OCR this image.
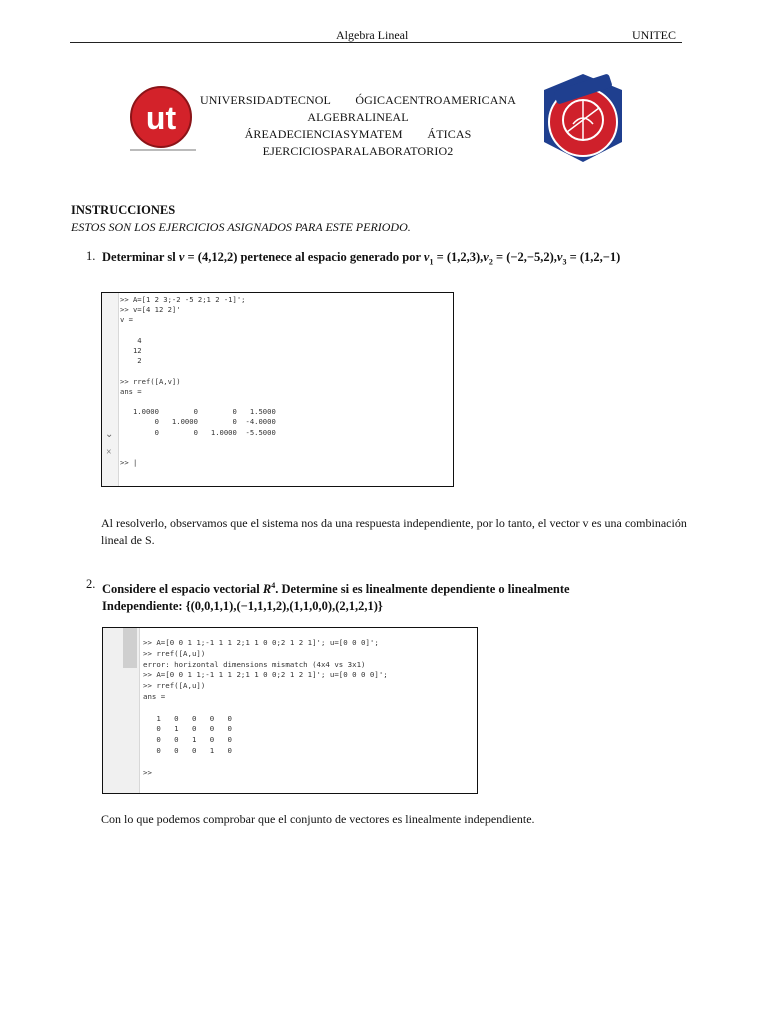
Algebra Lineal	UNITEC
ut UNIVERSIDADTECNOL        ÓGICACENTROAMERICANA
ALGEBRALINEAL
ÁREADECIENCIASYMATEM        ÁTICAS
EJERCICIOSPARALABORATORIO2
INSTRUCCIONES
ESTOS SON LOS EJERCICIOS ASIGNADOS PARA ESTE PERIODO.
1. Determinar sl v = (4,12,2) pertenece al espacio generado por $v_1 = (1,2,3),v_2 = (-2,-5,2),v_3 = (1,2,-1)$
⌄
×
>> A=[1 2 3;-2 -5 2;1 2 -1]';
>> v=[4 12 2]'
v =

4
12
2

>> rref([A,v])
ans =

1.0000        0        0   1.5000
0   1.0000        0  -4.0000
0        0   1.0000  -5.5000

>> |
Al resolverlo, observamos que el sistema nos da una respuesta independiente, por lo tanto, el vector v es una combinación lineal de S.
2. Considere el espacio vectorial $R^4$. Determine si es linealmente dependiente o linealmente
Independiente: {(0,0,1,1),(−1,1,1,2),(1,1,0,0),(2,1,2,1)}
>> A=[0 0 1 1;-1 1 1 2;1 1 0 0;2 1 2 1]'; u=[0 0 0]';
>> rref([A,u])
error: horizontal dimensions mismatch (4x4 vs 3x1)
>> A=[0 0 1 1;-1 1 1 2;1 1 0 0;2 1 2 1]'; u=[0 0 0 0]';
>> rref([A,u])
ans =

1   0   0   0   0
0   1   0   0   0
0   0   1   0   0
0   0   0   1   0

>>
Con lo que podemos comprobar que el conjunto de vectores es linealmente independiente.
